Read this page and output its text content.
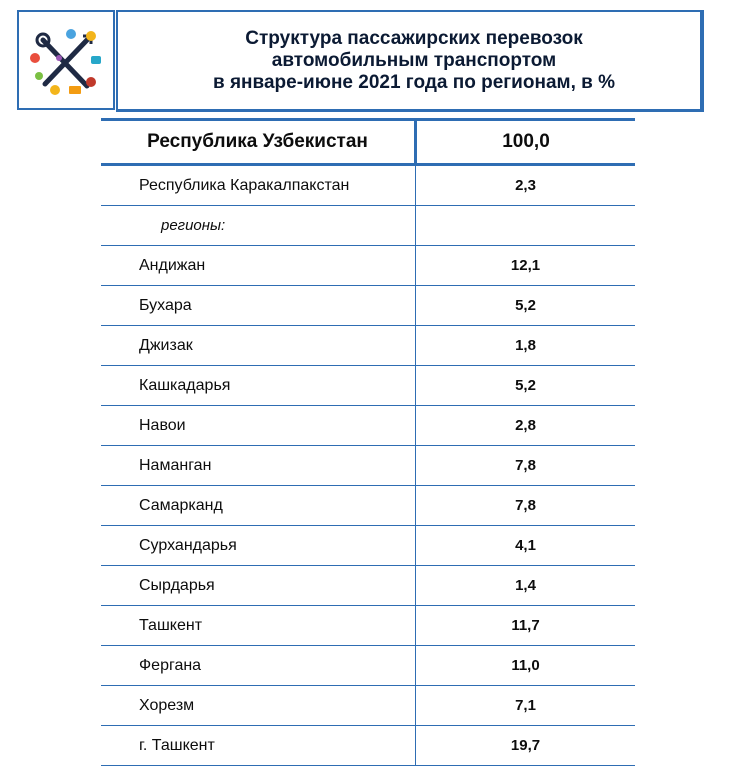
Структура пассажирских перевозок
автомобильным транспортом
в январе-июне 2021 года по регионам, в %
Республика Узбекистан	100,0
Республика Каракалпакстан	2,3
регионы:	
Андижан	12,1
Бухара	5,2
Джизак	1,8
Кашкадарья	5,2
Навои	2,8
Наманган	7,8
Самарканд	7,8
Сурхандарья	4,1
Сырдарья	1,4
Ташкент	11,7
Фергана	11,0
Хорезм	7,1
г. Ташкент	19,7
